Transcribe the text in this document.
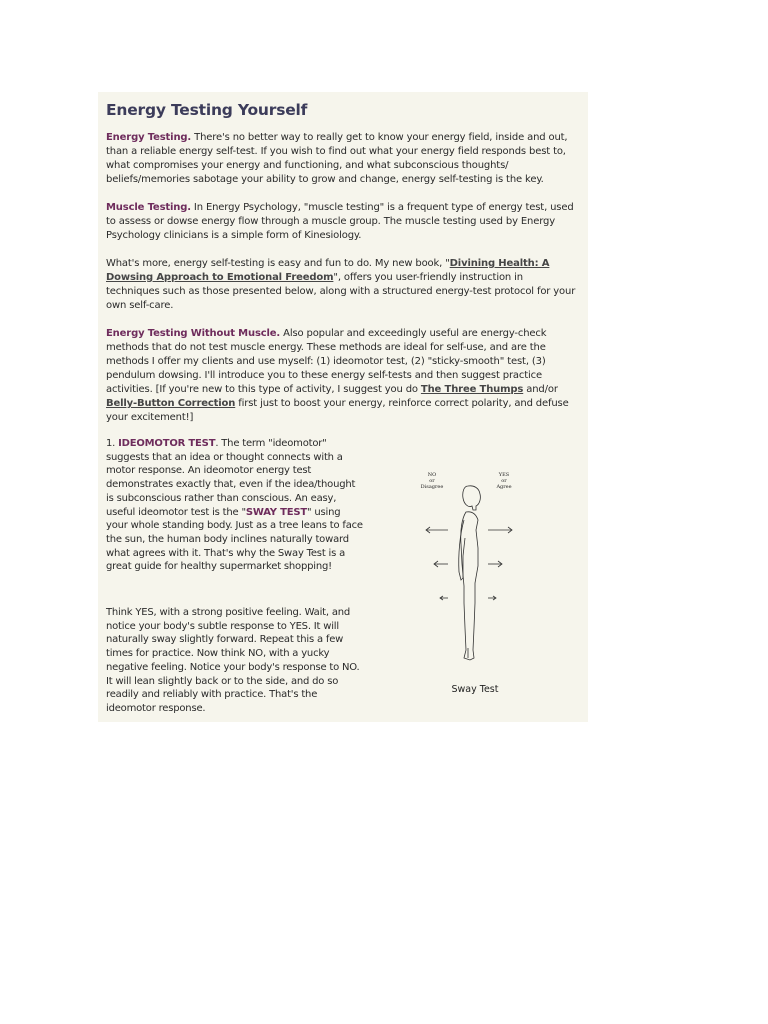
Energy Testing Yourself

Energy Testing. There's no better way to really get to know your energy field, inside and out, than a reliable energy self-test. If you wish to find out what your energy field responds best to, what compromises your energy and functioning, and what subconscious thoughts/ beliefs/memories sabotage your ability to grow and change, energy self-testing is the key.

Muscle Testing. In Energy Psychology, "muscle testing" is a frequent type of energy test, used to assess or dowse energy flow through a muscle group. The muscle testing used by Energy Psychology clinicians is a simple form of Kinesiology.

What's more, energy self-testing is easy and fun to do. My new book, "Divining Health: A Dowsing Approach to Emotional Freedom", offers you user-friendly instruction in techniques such as those presented below, along with a structured energy-test protocol for your own self-care.

Energy Testing Without Muscle. Also popular and exceedingly useful are energy-check methods that do not test muscle energy. These methods are ideal for self-use, and are the methods I offer my clients and use myself: (1) ideomotor test, (2) "sticky-smooth" test, (3) pendulum dowsing. I'll introduce you to these energy self-tests and then suggest practice activities. [If you're new to this type of activity, I suggest you do The Three Thumps and/or Belly-Button Correction first just to boost your energy, reinforce correct polarity, and defuse your excitement!]

1. IDEOMOTOR TEST. The term "ideomotor" suggests that an idea or thought connects with a motor response. An ideomotor energy test demonstrates exactly that, even if the idea/thought is subconscious rather than conscious. An easy, useful ideomotor test is the "SWAY TEST" using your whole standing body. Just as a tree leans to face the sun, the human body inclines naturally toward what agrees with it. That's why the Sway Test is a great guide for healthy supermarket shopping!

Think YES, with a strong positive feeling. Wait, and notice your body's subtle response to YES. It will naturally sway slightly forward. Repeat this a few times for practice. Now think NO, with a yucky negative feeling. Notice your body's response to NO. It will lean slightly back or to the side, and do so readily and reliably with practice. That's the ideomotor response.

NO
or
Disagree
YES
or
Agree

Sway Test
